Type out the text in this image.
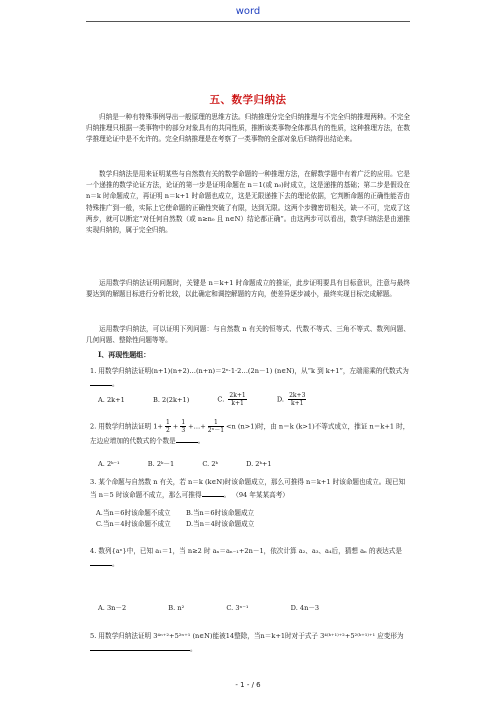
word
五、数学归纳法
归纳是一种有特殊事例导出一般原理的思维方法。归纳推理分完全归纳推理与不完全归纳推理两种。不完全归纳推理只根据一类事物中的部分对象具有的共同性质，推断该类事物全体都具有的性质，这种推理方法，在数学推理论证中是不允许的。完全归纳推理是在考察了一类事物的全部对象后归纳得出结论来。
数学归纳法是用来证明某些与自然数有关的数学命题的一种推理方法，在解数学题中有着广泛的应用。它是一个递推的数学论证方法，论证的第一步是证明命题在 n＝1(或 n₀)时成立，这是递推的基础；第二步是假设在 n＝k 时命题成立，再证明 n＝k+1 时命题也成立，这是无限递推下去的理论依据，它判断命题的正确性能否由特殊推广到一般，实际上它使命题的正确性突破了有限，达到无限。这两个步骤密切相关，缺一不可，完成了这两步，就可以断定“对任何自然数（或 n≥n₀ 且 n∈N）结论都正确”。由这两步可以看出，数学归纳法是由递推实现归纳的，属于完全归纳。
运用数学归纳法证明问题时，关键是 n＝k+1 时命题成立的推证，此步证明要具有目标意识，注意与最终要达到的解题目标进行分析比较，以此确定和调控解题的方向，使差异逐步减小，最终实现目标完成解题。
运用数学归纳法，可以证明下列问题：与自然数 n 有关的恒等式、代数不等式、三角不等式、数列问题、几何问题、整除性问题等等。
Ⅰ、再现性题组：
1. 用数学归纳法证明(n+1)(n+2)…(n+n)＝2ⁿ·1·2…(2n－1) (n∈N)，从“k 到 k+1”，左端需乘的代数式为。
A. 2k+1	B. 2(2k+1)	C. $\frac{2k+1}{k+1}$	D. $\frac{2k+3}{k+1}$
2. 用数学归纳法证明 $1+ \frac{1}{2} + \frac{1}{3}$ +…+ $\frac{1}{\text{2ⁿ－1}} <n$ (n>1)时，由 n＝k (k>1)不等式成立，推证 n＝k+1 时，左边应增加的代数式的个数是	。
A. 2ᵏ⁻¹	B. 2ᵏ－1	C. 2ᵏ	D. 2ᵏ+1
3. 某个命题与自然数 n 有关，若 n＝k (k∈N)时该命题成立，那么可推得 n＝k+1 时该命题也成立。现已知当 n＝5 时该命题不成立，那么可推得	。 （94 年某某高考）
A.当n＝6时该命题不成立 B.当n＝6时该命题成立
C.当n＝4时该命题不成立 D.当n＝4时该命题成立
4. 数列{aⁿ}中，已知 a₁＝1，当 n≥2 时 aₙ＝aₙ₋₁+2n－1，依次计算 a₂、a₃、a₄后，猜想 aₙ 的表达式是。
A. 3n－2	B. n²	C. 3ⁿ⁻¹	D. 4n－3
5. 用数学归纳法证明 3⁴ⁿ⁺²+5²ⁿ⁺¹ (n∈N)能被14整除，当n＝k+1时对于式子 3⁴⁽ᵏ⁺¹⁾⁺²+5²⁽ᵏ⁺¹⁾⁺¹ 应变形为。
- 1 - / 6
